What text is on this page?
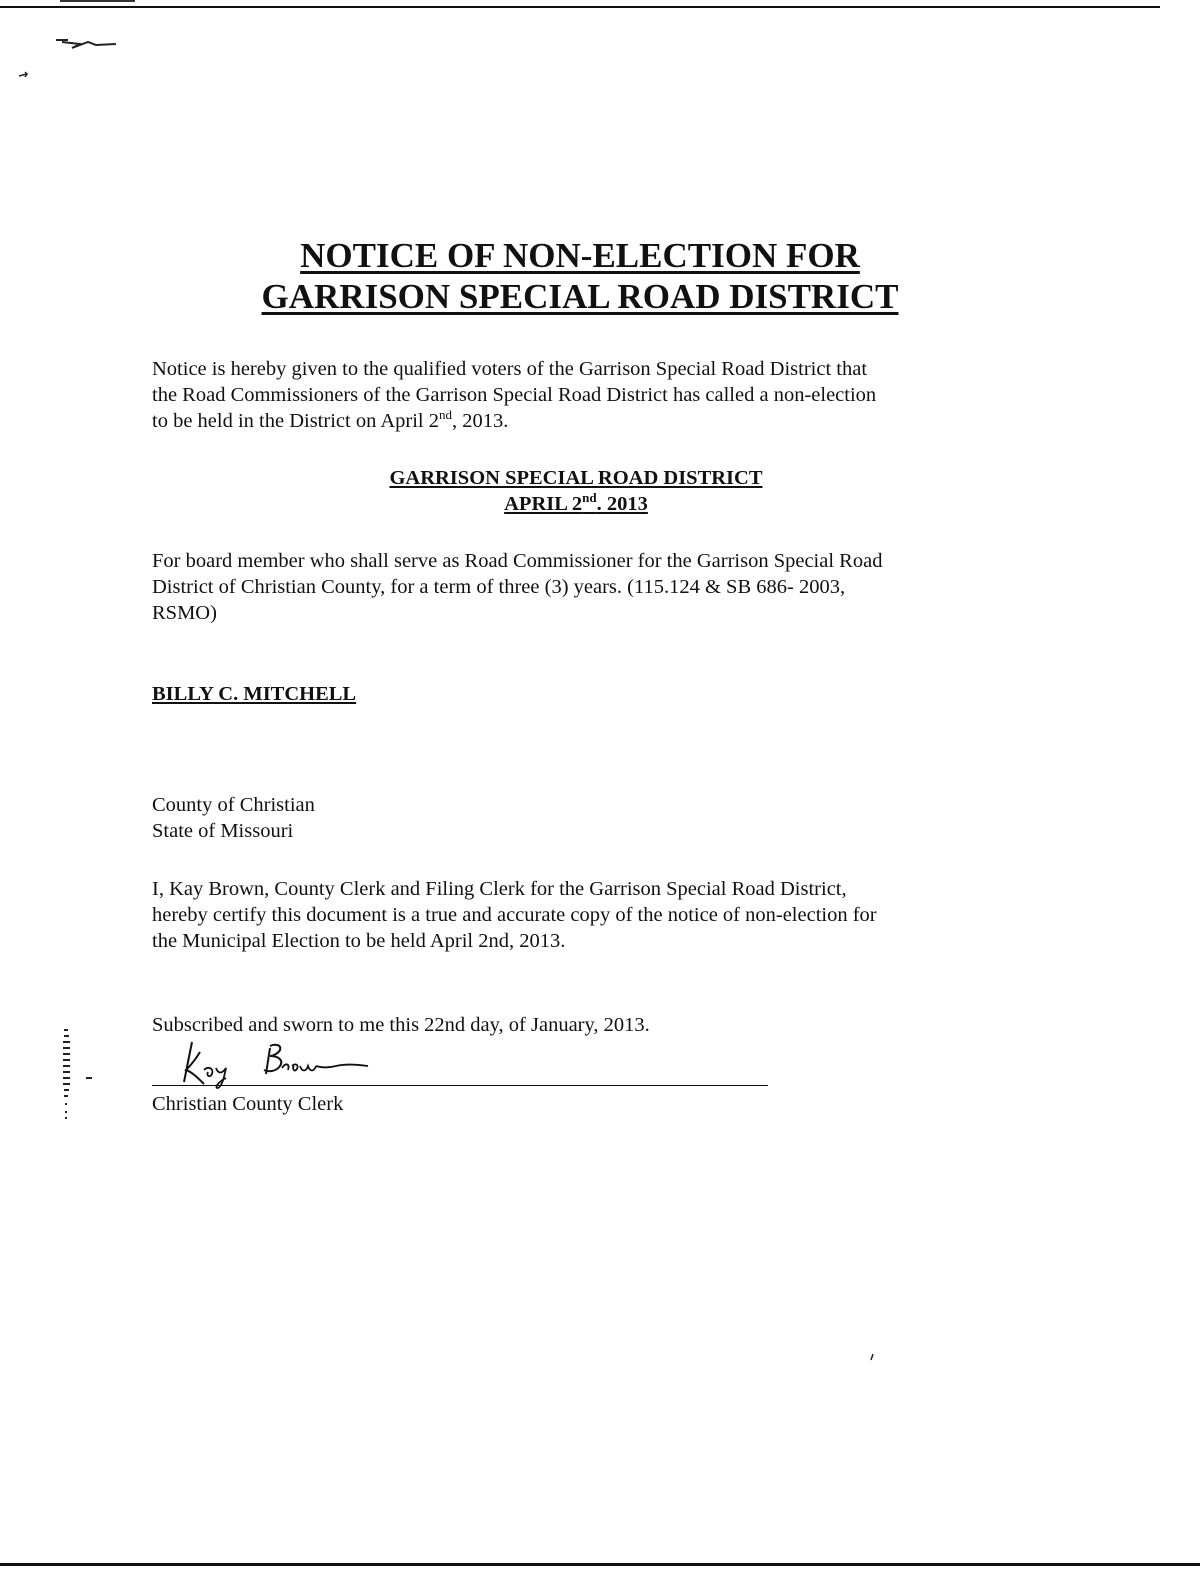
NOTICE OF NON-ELECTION FOR
GARRISON SPECIAL ROAD DISTRICT

Notice is hereby given to the qualified voters of the Garrison Special Road District that
the Road Commissioners of the Garrison Special Road District has called a non-election
to be held in the District on April 2nd, 2013.

GARRISON SPECIAL ROAD DISTRICT
APRIL 2nd. 2013

For board member who shall serve as Road Commissioner for the Garrison Special Road
District of Christian County, for a term of three (3) years. (115.124 & SB 686- 2003,
RSMO)

BILLY C. MITCHELL

County of Christian
State of Missouri

I, Kay Brown, County Clerk and Filing Clerk for the Garrison Special Road District,
hereby certify this document is a true and accurate copy of the notice of non-election for
the Municipal Election to be held April 2nd, 2013.

Subscribed and sworn to me this 22nd day, of January, 2013.

Christian County Clerk
